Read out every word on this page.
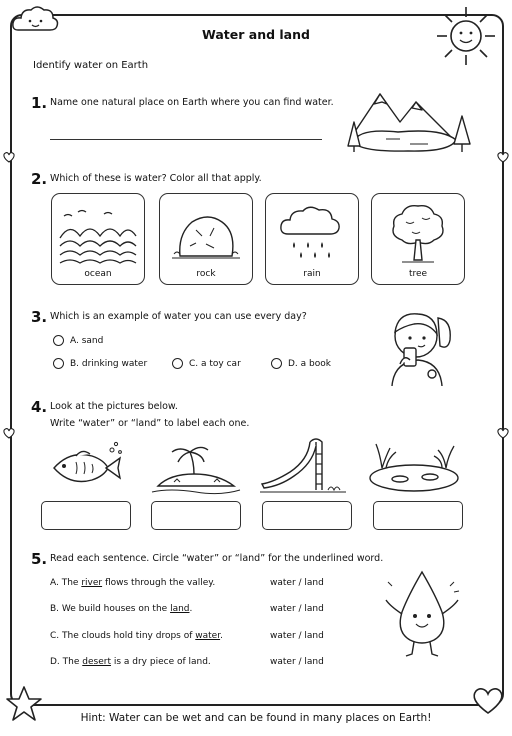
Water and land
Identify water on Earth
1. Name one natural place on Earth where you can find water.
2. Which of these is water? Color all that apply.
ocean	rock	rain	tree
3. Which is an example of water you can use every day?
A. sand
B. drinking water	C. a toy car	D. a book
4. Look at the pictures below.
Write “water” or “land” to label each one.
5. Read each sentence. Circle “water” or “land” for the underlined word.
A. The river flows through the valley.	water / land
B. We build houses on the land.	water / land
C. The clouds hold tiny drops of water.	water / land
D. The desert is a dry piece of land.	water / land
Hint: Water can be wet and can be found in many places on Earth!
